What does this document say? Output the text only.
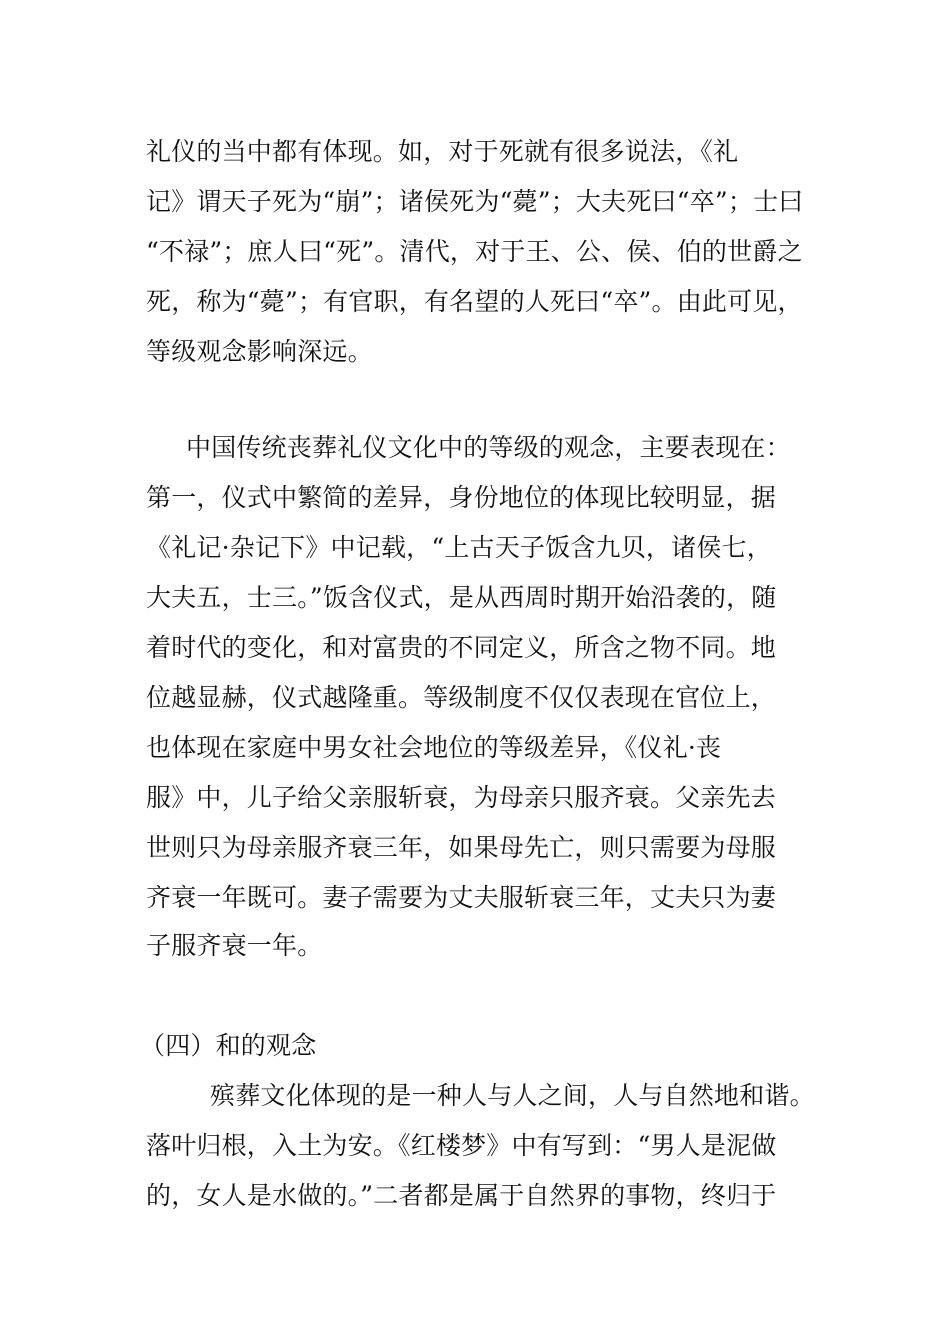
礼仪的当中都有体现。如，对于死就有很多说法，《礼
记》谓天子死为“崩”；诸侯死为“薨”；大夫死曰“卒”；士曰
“不禄”；庶人曰“死”。清代，对于王、公、侯、伯的世爵之
死，称为“薨”；有官职，有名望的人死曰“卒”。由此可见，
等级观念影响深远。
中国传统丧葬礼仪文化中的等级的观念，主要表现在：
第一，仪式中繁简的差异，身份地位的体现比较明显，据
《礼记·杂记下》中记载，“上古天子饭含九贝，诸侯七，
大夫五，士三。”饭含仪式，是从西周时期开始沿袭的，随
着时代的变化，和对富贵的不同定义，所含之物不同。地
位越显赫，仪式越隆重。等级制度不仅仅表现在官位上，
也体现在家庭中男女社会地位的等级差异，《仪礼·丧
服》中，儿子给父亲服斩衰，为母亲只服齐衰。父亲先去
世则只为母亲服齐衰三年，如果母先亡，则只需要为母服
齐衰一年既可。妻子需要为丈夫服斩衰三年，丈夫只为妻
子服齐衰一年。
（四）和的观念
殡葬文化体现的是一种人与人之间，人与自然地和谐。
落叶归根，入土为安。《红楼梦》中有写到：“男人是泥做
的，女人是水做的。”二者都是属于自然界的事物，终归于
